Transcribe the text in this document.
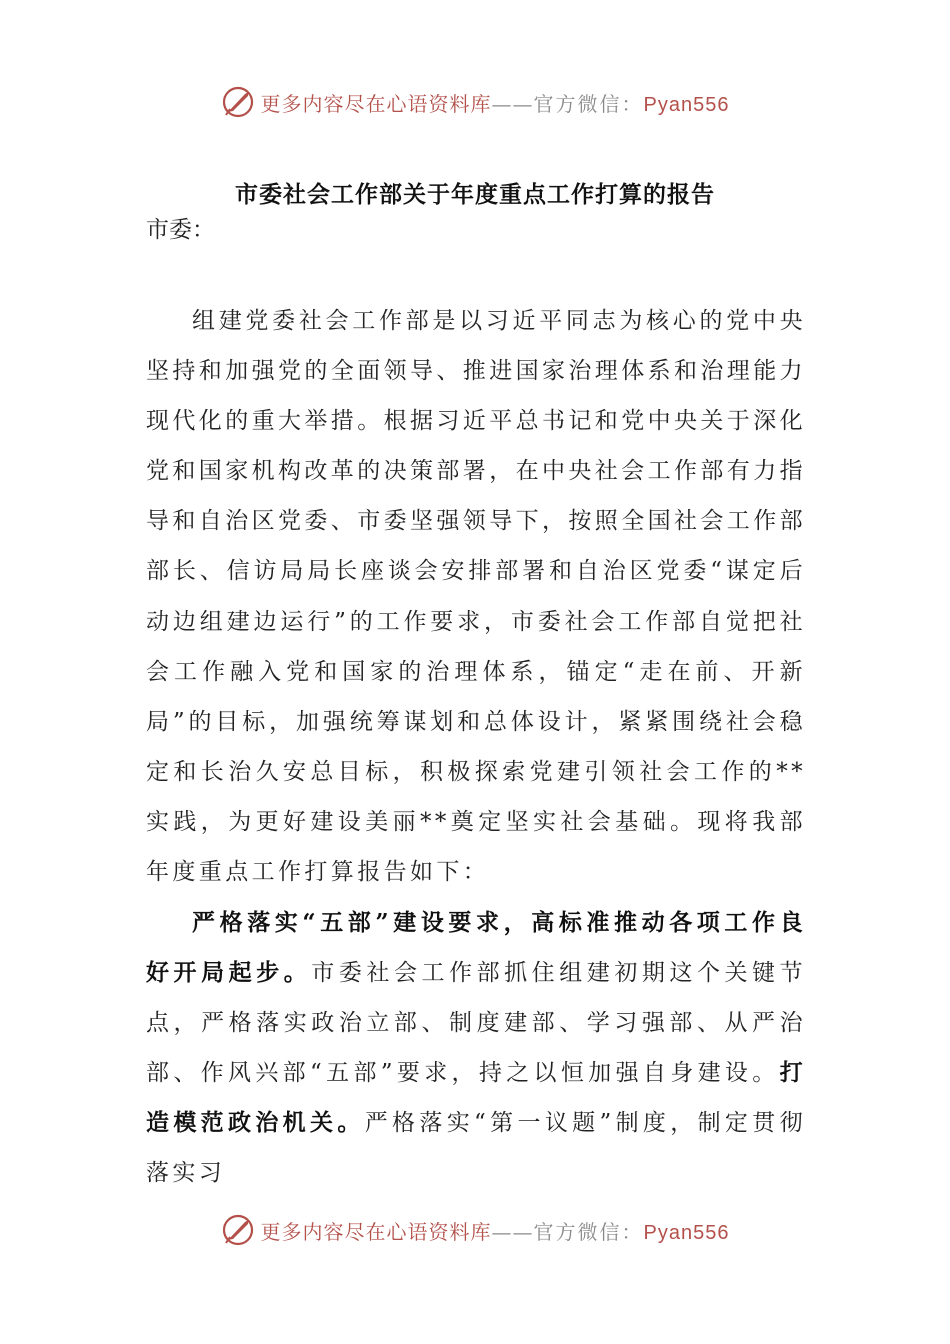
更多内容尽在心语资料库——官方微信：Pyan556
市委社会工作部关于年度重点工作打算的报告
市委：

组建党委社会工作部是以习近平同志为核心的党中央坚持和加强党的全面领导、推进国家治理体系和治理能力现代化的重大举措。根据习近平总书记和党中央关于深化党和国家机构改革的决策部署，在中央社会工作部有力指导和自治区党委、市委坚强领导下，按照全国社会工作部部长、信访局局长座谈会安排部署和自治区党委“谋定后动边组建边运行”的工作要求，市委社会工作部自觉把社会工作融入党和国家的治理体系，锚定“走在前、开新局”的目标，加强统筹谋划和总体设计，紧紧围绕社会稳定和长治久安总目标，积极探索党建引领社会工作的**实践，为更好建设美丽**奠定坚实社会基础。现将我部年度重点工作打算报告如下：

严格落实“五部”建设要求，高标准推动各项工作良好开局起步。市委社会工作部抓住组建初期这个关键节点，严格落实政治立部、制度建部、学习强部、从严治部、作风兴部“五部”要求，持之以恒加强自身建设。打造模范政治机关。严格落实“第一议题”制度，制定贯彻落实习

更多内容尽在心语资料库——官方微信：Pyan556
